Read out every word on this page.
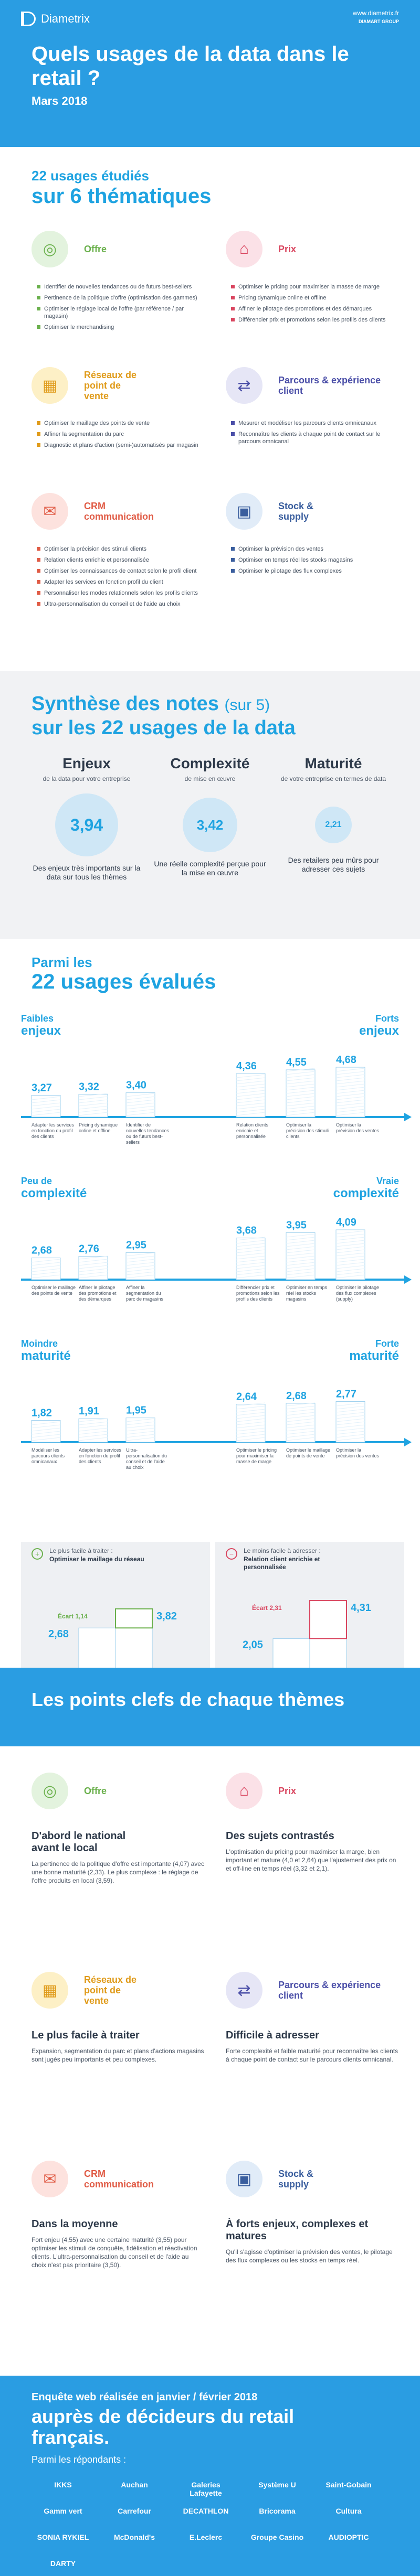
Diametrix	www.diametrix.fr
DIAMART GROUP
Quels usages de la data dans le retail ?
Mars 2018
22 usages étudiés
sur 6 thématiques
◎	Offre
Identifier de nouvelles tendances ou de futurs best-sellers
Pertinence de la politique d'offre (optimisation des gammes)
Optimiser le réglage local de l'offre (par référence / par magasin)
Optimiser le merchandising
⌂	Prix
Optimiser le pricing pour maximiser la masse de marge
Pricing dynamique online et offline
Affiner le pilotage des promotions et des démarques
Différencier prix et promotions selon les profils des clients
▦
Réseaux de point de vente
Optimiser le maillage des points de vente
Affiner la segmentation du parc
Diagnostic et plans d'action (semi-)automatisés par magasin
⇄	Parcours & expérience client
Mesurer et modéliser les parcours clients omnicanaux
Reconnaître les clients à chaque point de contact sur le parcours omnicanal
✉	CRM communication
Optimiser la précision des stimuli clients
Relation clients enrichie et personnalisée
Optimiser les connaissances de contact selon le profil client
Adapter les services en fonction profil du client
Personnaliser les modes relationnels selon les profils clients
Ultra-personnalisation du conseil et de l'aide au choix
▣	Stock & supply
Optimiser la prévision des ventes
Optimiser en temps réel les stocks magasins
Optimiser le pilotage des flux complexes
Synthèse des notes (sur 5)
sur les 22 usages de la data
Enjeux
de la data pour votre entreprise
3,94
Des enjeux très importants sur la data sur tous les thèmes
Complexité
de mise en œuvre
3,42
Une réelle complexité perçue pour la mise en œuvre
Maturité
de votre entreprise en termes de data
2,21
Des retailers peu mûrs pour adresser ces sujets
Parmi les
22 usages évalués
Faibles
enjeux
Forts
enjeux
3,27
Adapter les services en fonction du profil des clients
3,32
Pricing dynamique online et offline
3,40
Identifier de nouvelles tendances ou de futurs best-sellers
4,36
Relation clients enrichie et personnalisée
4,55
Optimiser la précision des stimuli clients
4,68
Optimiser la prévision des ventes
Peu de
complexité
Vraie
complexité
2,68
Optimiser le maillage des points de vente
2,76
Affiner le pilotage des promotions et des démarques
2,95
Affiner la segmentation du parc de magasins
3,68
Différencier prix et promotions selon les profils des clients
3,95
Optimiser en temps réel les stocks magasins
4,09
Optimiser le pilotage des flux complexes (supply)
Moindre
maturité
Forte
maturité
1,82
Modéliser les parcours clients omnicanaux
1,91
Adapter les services en fonction du profil des clients
1,95
Ultra-personnalisation du conseil et de l'aide au choix
2,64
Optimiser le pricing pour maximiser la masse de marge
2,68
Optimiser le maillage de points de vente
2,77
Optimiser la précision des ventes
+	Le plus facile à traiter :
Optimiser le maillage du réseau
2,68
3,82
Écart 1,14
−	Le moins facile à adresser :
Relation client enrichie et personnalisée
2,05
4,31
Écart 2,31
Les points clefs de chaque thèmes
◎	Offre
D'abord le national avant le local
La pertinence de la politique d'offre est importante (4,07) avec une bonne maturité (2,33). Le plus complexe : le réglage de l'offre produits en local (3,59).
⌂	Prix
Des sujets contrastés
L'optimisation du pricing pour maximiser la marge, bien important et mature (4,0 et 2,64) que l'ajustement des prix on et off-line en temps réel (3,32 et 2,1).
▦
Réseaux de point de vente
Le plus facile à traiter
Expansion, segmentation du parc et plans d'actions magasins sont jugés peu importants et peu complexes.
⇄	Parcours & expérience client
Difficile à adresser
Forte complexité et faible maturité pour reconnaître les clients à chaque point de contact sur le parcours clients omnicanal.
✉	CRM communication
Dans la moyenne
Fort enjeu (4,55) avec une certaine maturité (3,55) pour optimiser les stimuli de conquête, fidélisation et réactivation clients. L'ultra-personnalisation du conseil et de l'aide au choix n'est pas prioritaire (3,50).
▣	Stock & supply
À forts enjeux, complexes et matures
Qu'il s'agisse d'optimiser la prévision des ventes, le pilotage des flux complexes ou les stocks en temps réel.
Enquête web réalisée en janvier / février 2018
auprès de décideurs du retail français.
Parmi les répondants :
IKKS	Auchan	Galeries Lafayette
Système U	Saint-Gobain
Gamm vert	Carrefour	DECATHLON	Bricorama	Cultura
SONIA RYKIEL	McDonald's	E.Leclerc	Groupe Casino	AUDIOPTIC
DARTY
